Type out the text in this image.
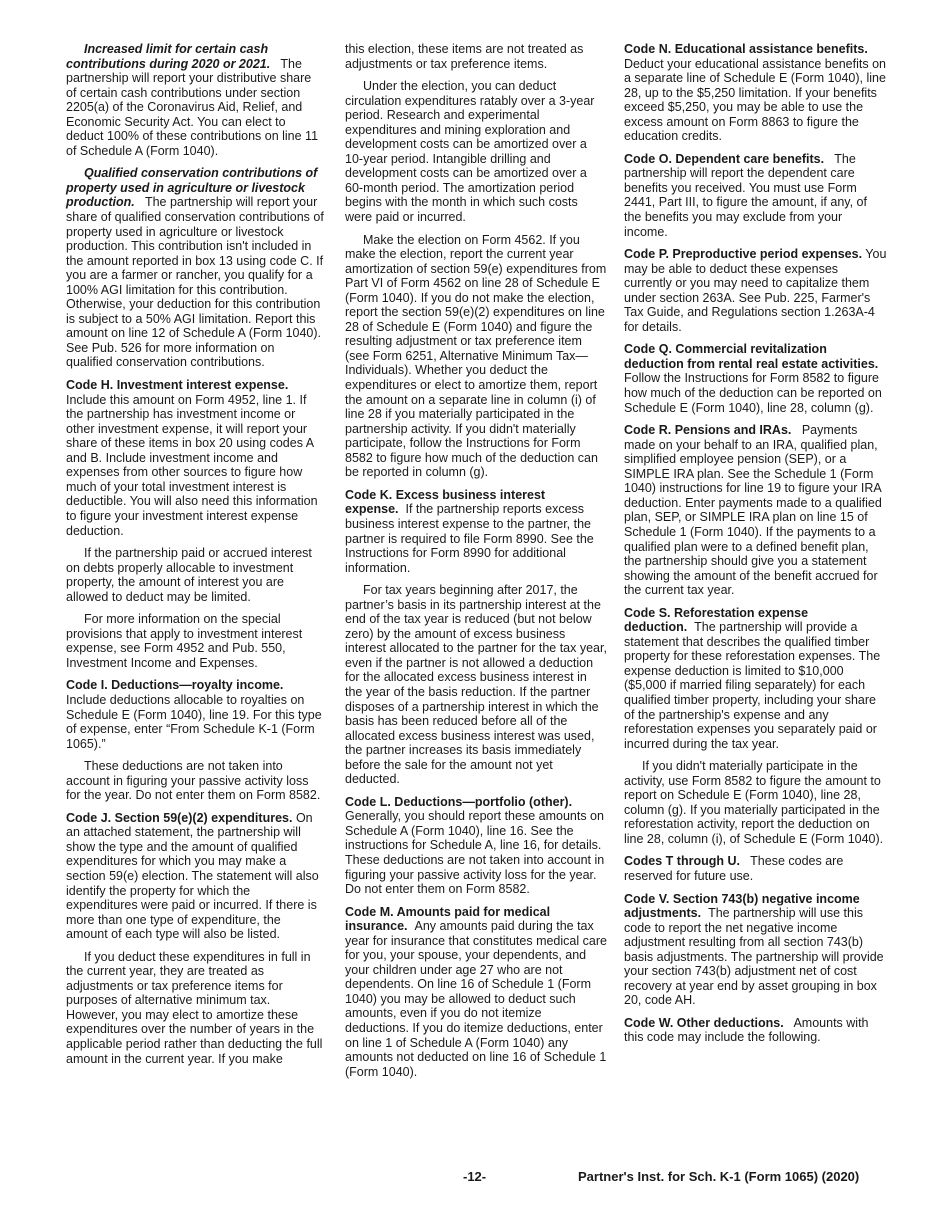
Increased limit for certain cash contributions during 2020 or 2021. The partnership will report your distributive share of certain cash contributions under section 2205(a) of the Coronavirus Aid, Relief, and Economic Security Act. You can elect to deduct 100% of these contributions on line 11 of Schedule A (Form 1040).

Qualified conservation contributions of property used in agriculture or livestock production. The partnership will report your share of qualified conservation contributions of property used in agriculture or livestock production. This contribution isn't included in the amount reported in box 13 using code C. If you are a farmer or rancher, you qualify for a 100% AGI limitation for this contribution. Otherwise, your deduction for this contribution is subject to a 50% AGI limitation. Report this amount on line 12 of Schedule A (Form 1040). See Pub. 526 for more information on qualified conservation contributions.

Code H. Investment interest expense. Include this amount on Form 4952, line 1. If the partnership has investment income or other investment expense, it will report your share of these items in box 20 using codes A and B. Include investment income and expenses from other sources to figure how much of your total investment interest is deductible. You will also need this information to figure your investment interest expense deduction.

If the partnership paid or accrued interest on debts properly allocable to investment property, the amount of interest you are allowed to deduct may be limited.

For more information on the special provisions that apply to investment interest expense, see Form 4952 and Pub. 550, Investment Income and Expenses.

Code I. Deductions—royalty income. Include deductions allocable to royalties on Schedule E (Form 1040), line 19. For this type of expense, enter “From Schedule K-1 (Form 1065).”

These deductions are not taken into account in figuring your passive activity loss for the year. Do not enter them on Form 8582.

Code J. Section 59(e)(2) expenditures. On an attached statement, the partnership will show the type and the amount of qualified expenditures for which you may make a section 59(e) election. The statement will also identify the property for which the expenditures were paid or incurred. If there is more than one type of expenditure, the amount of each type will also be listed.

If you deduct these expenditures in full in the current year, they are treated as adjustments or tax preference items for purposes of alternative minimum tax. However, you may elect to amortize these expenditures over the number of years in the applicable period rather than deducting the full amount in the current year. If you make

this election, these items are not treated as adjustments or tax preference items.

Under the election, you can deduct circulation expenditures ratably over a 3-year period. Research and experimental expenditures and mining exploration and development costs can be amortized over a 10-year period. Intangible drilling and development costs can be amortized over a 60-month period. The amortization period begins with the month in which such costs were paid or incurred.

Make the election on Form 4562. If you make the election, report the current year amortization of section 59(e) expenditures from Part VI of Form 4562 on line 28 of Schedule E (Form 1040). If you do not make the election, report the section 59(e)(2) expenditures on line 28 of Schedule E (Form 1040) and figure the resulting adjustment or tax preference item (see Form 6251, Alternative Minimum Tax—Individuals). Whether you deduct the expenditures or elect to amortize them, report the amount on a separate line in column (i) of line 28 if you materially participated in the partnership activity. If you didn't materially participate, follow the Instructions for Form 8582 to figure how much of the deduction can be reported in column (g).

Code K. Excess business interest expense. If the partnership reports excess business interest expense to the partner, the partner is required to file Form 8990. See the Instructions for Form 8990 for additional information.

For tax years beginning after 2017, the partner’s basis in its partnership interest at the end of the tax year is reduced (but not below zero) by the amount of excess business interest allocated to the partner for the tax year, even if the partner is not allowed a deduction for the allocated excess business interest in the year of the basis reduction. If the partner disposes of a partnership interest in which the basis has been reduced before all of the allocated excess business interest was used, the partner increases its basis immediately before the sale for the amount not yet deducted.

Code L. Deductions—portfolio (other). Generally, you should report these amounts on Schedule A (Form 1040), line 16. See the instructions for Schedule A, line 16, for details. These deductions are not taken into account in figuring your passive activity loss for the year. Do not enter them on Form 8582.

Code M. Amounts paid for medical insurance. Any amounts paid during the tax year for insurance that constitutes medical care for you, your spouse, your dependents, and your children under age 27 who are not dependents. On line 16 of Schedule 1 (Form 1040) you may be allowed to deduct such amounts, even if you do not itemize deductions. If you do itemize deductions, enter on line 1 of Schedule A (Form 1040) any amounts not deducted on line 16 of Schedule 1 (Form 1040).

Code N. Educational assistance benefits. Deduct your educational assistance benefits on a separate line of Schedule E (Form 1040), line 28, up to the $5,250 limitation. If your benefits exceed $5,250, you may be able to use the excess amount on Form 8863 to figure the education credits.

Code O. Dependent care benefits. The partnership will report the dependent care benefits you received. You must use Form 2441, Part III, to figure the amount, if any, of the benefits you may exclude from your income.

Code P. Preproductive period expenses. You may be able to deduct these expenses currently or you may need to capitalize them under section 263A. See Pub. 225, Farmer's Tax Guide, and Regulations section 1.263A-4 for details.

Code Q. Commercial revitalization deduction from rental real estate activities. Follow the Instructions for Form 8582 to figure how much of the deduction can be reported on Schedule E (Form 1040), line 28, column (g).

Code R. Pensions and IRAs. Payments made on your behalf to an IRA, qualified plan, simplified employee pension (SEP), or a SIMPLE IRA plan. See the Schedule 1 (Form 1040) instructions for line 19 to figure your IRA deduction. Enter payments made to a qualified plan, SEP, or SIMPLE IRA plan on line 15 of Schedule 1 (Form 1040). If the payments to a qualified plan were to a defined benefit plan, the partnership should give you a statement showing the amount of the benefit accrued for the current tax year.

Code S. Reforestation expense deduction. The partnership will provide a statement that describes the qualified timber property for these reforestation expenses. The expense deduction is limited to $10,000 ($5,000 if married filing separately) for each qualified timber property, including your share of the partnership's expense and any reforestation expenses you separately paid or incurred during the tax year.

If you didn't materially participate in the activity, use Form 8582 to figure the amount to report on Schedule E (Form 1040), line 28, column (g). If you materially participated in the reforestation activity, report the deduction on line 28, column (i), of Schedule E (Form 1040).

Codes T through U. These codes are reserved for future use.

Code V. Section 743(b) negative income adjustments. The partnership will use this code to report the net negative income adjustment resulting from all section 743(b) basis adjustments. The partnership will provide your section 743(b) adjustment net of cost recovery at year end by asset grouping in box 20, code AH.

Code W. Other deductions. Amounts with this code may include the following.

-12-	Partner's Inst. for Sch. K-1 (Form 1065) (2020)
